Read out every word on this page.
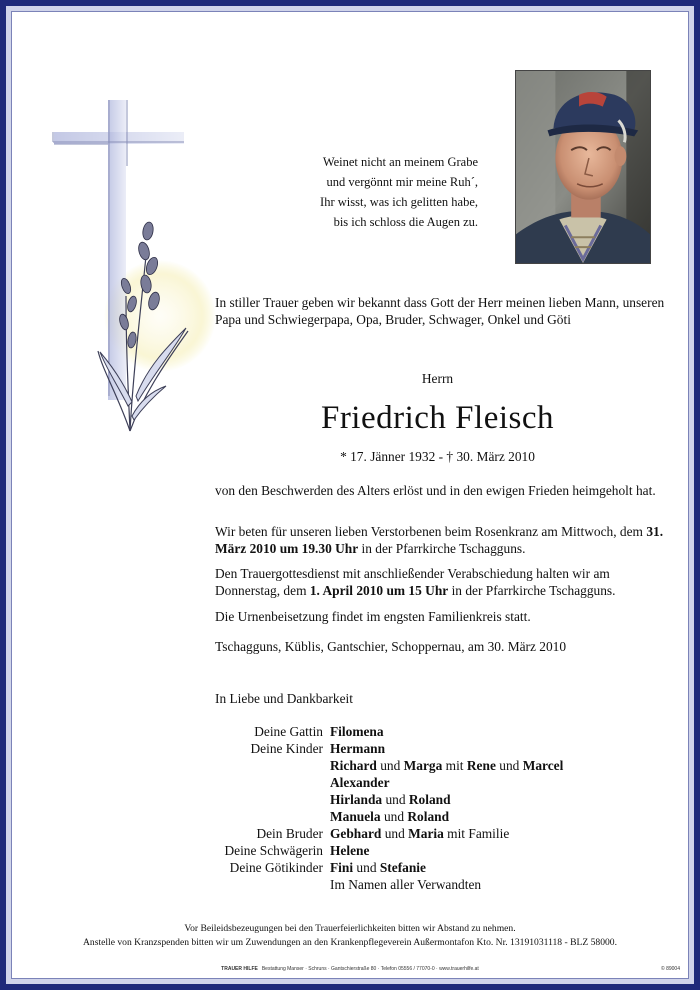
Weinet nicht an meinem Grabe
und vergönnt mir meine Ruh´,
Ihr wisst, was ich gelitten habe,
bis ich schloss die Augen zu.
In stiller Trauer geben wir bekannt dass Gott der Herr meinen lieben Mann, unseren Papa und Schwiegerpapa, Opa, Bruder, Schwager, Onkel und Göti
Herrn
Friedrich Fleisch
* 17. Jänner 1932 - † 30. März 2010
von den Beschwerden des Alters erlöst und in den ewigen Frieden heimgeholt hat.
Wir beten für unseren lieben Verstorbenen beim Rosenkranz am Mittwoch, dem 31. März 2010 um 19.30 Uhr in der Pfarrkirche Tschagguns.
Den Trauergottesdienst mit anschließender Verabschiedung halten wir am Donnerstag, dem 1. April 2010 um 15 Uhr in der Pfarrkirche Tschagguns.
Die Urnenbeisetzung findet im engsten Familienkreis statt.
Tschagguns, Küblis, Gantschier, Schoppernau, am 30. März 2010
In Liebe und Dankbarkeit
Deine Gattin Filomena
Deine Kinder Hermann
Richard und Marga mit Rene und Marcel
Alexander
Hirlanda und Roland
Manuela und Roland
Dein Bruder Gebhard und Maria mit Familie
Deine Schwägerin Helene
Deine Götikinder Fini und Stefanie
Im Namen aller Verwandten
Vor Beileidsbezeugungen bei den Trauerfeierlichkeiten bitten wir Abstand zu nehmen.
Anstelle von Kranzspenden bitten wir um Zuwendungen an den Krankenpflegeverein Außermontafon Kto. Nr. 13191031118 - BLZ 58000.
TRAUER HILFE Bestattung Manser · Schruns · Gantschierstraße 80 · Telefon 05556 / 77070-0 · www.trauerhilfe.at	© 89004
